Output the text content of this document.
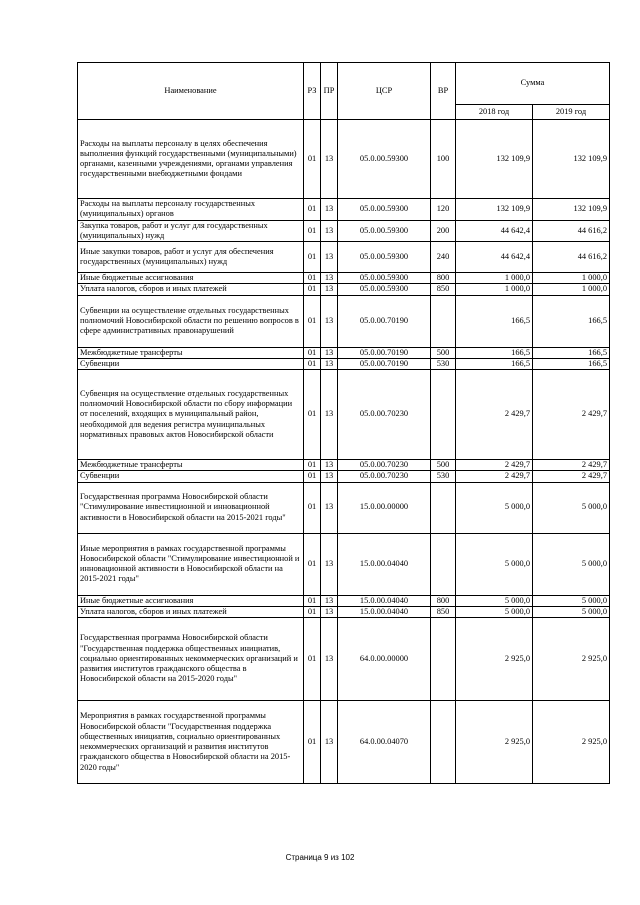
Наименование	РЗ	ПР	ЦСР	ВР	Сумма	
					2018 год	2019 год
Расходы на выплаты персоналу в целях обеспечения выполнения функций государственными (муниципальными) органами, казенными учреждениями, органами управления государственными внебюджетными фондами	01	13	05.0.00.59300	100	132 109,9	132 109,9
Расходы на выплаты персоналу государственных (муниципальных) органов	01	13	05.0.00.59300	120	132 109,9	132 109,9
Закупка товаров, работ и услуг для государственных (муниципальных) нужд	01	13	05.0.00.59300	200	44 642,4	44 616,2
Иные закупки товаров, работ и услуг для обеспечения государственных (муниципальных) нужд	01	13	05.0.00.59300	240	44 642,4	44 616,2
Иные бюджетные ассигнования	01	13	05.0.00.59300	800	1 000,0	1 000,0
Уплата налогов, сборов и иных платежей	01	13	05.0.00.59300	850	1 000,0	1 000,0
Субвенции на осуществление отдельных государственных полномочий Новосибирской области по решению вопросов в сфере административных правонарушений	01	13	05.0.00.70190		166,5	166,5
Межбюджетные трансферты	01	13	05.0.00.70190	500	166,5	166,5
Субвенции	01	13	05.0.00.70190	530	166,5	166,5
Субвенция на осуществление отдельных государственных полномочий Новосибирской области по сбору информации от поселений, входящих в муниципальный район, необходимой для ведения регистра муниципальных нормативных правовых актов Новосибирской области	01	13	05.0.00.70230		2 429,7	2 429,7
Межбюджетные трансферты	01	13	05.0.00.70230	500	2 429,7	2 429,7
Субвенции	01	13	05.0.00.70230	530	2 429,7	2 429,7
Государственная программа Новосибирской области "Стимулирование инвестиционной и инновационной активности в Новосибирской области на 2015-2021 годы"	01	13	15.0.00.00000		5 000,0	5 000,0
Иные мероприятия в рамках государственной программы Новосибирской области "Стимулирование инвестиционной и инновационной активности в Новосибирской области на 2015-2021 годы"	01	13	15.0.00.04040		5 000,0	5 000,0
Иные бюджетные ассигнования	01	13	15.0.00.04040	800	5 000,0	5 000,0
Уплата налогов, сборов и иных платежей	01	13	15.0.00.04040	850	5 000,0	5 000,0
Государственная программа Новосибирской области "Государственная поддержка общественных инициатив, социально ориентированных некоммерческих организаций и развития институтов гражданского общества в Новосибирской области на 2015-2020 годы"	01	13	64.0.00.00000		2 925,0	2 925,0
Мероприятия в рамках государственной программы Новосибирской области "Государственная поддержка общественных инициатив, социально ориентированных некоммерческих организаций и развития институтов гражданского общества в Новосибирской области на 2015-2020 годы"	01	13	64.0.00.04070		2 925,0	2 925,0
Страница 9 из 102
